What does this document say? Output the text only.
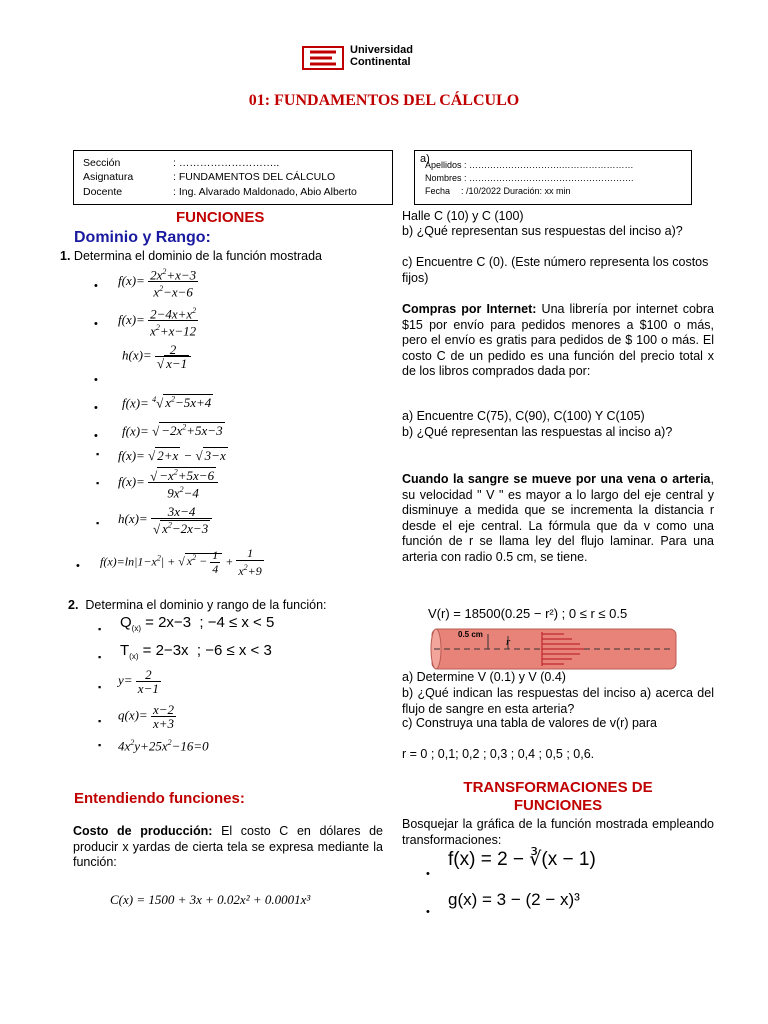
Universidad
Continental
01: FUNDAMENTOS DEL CÁLCULO
Sección	: ………………………..
Asignatura	: FUNDAMENTOS DEL CÁLCULO
Docente	: Ing. Alvarado Maldonado, Abio Alberto
a)
Apellidos : ………………………….……………………
Nombres : ……………………………………………….
Fecha : /10/2022 Duración: xx min
FUNCIONES
Dominio y Rango:
1. Determina el dominio de la función mostrada
• $f(x)= \frac{2x^2+x-3}{x^2-x-6}$
• $f(x)= \frac{2-4x+x^2}{x^2+x-12}$
$h(x)= \frac{2}{√ x-1}$
•
• f(x)= $^4$√ $x^2-5x+4$
• f(x)= √ $-2x^2+5x-3$
▪ f(x)= √ 2+x − √ 3−x
▪ $f(x)= \frac{√ -x^2+5x-6}{9x^2-4}$
▪ $h(x)= \frac{3x-4}{√ x^2-2x-3}$
• $f(x)=\ln|1-x^2|$ + √ $x^2 - \frac{1}{4} + \frac{1}{x^2+9}$
2. Determina el dominio y rango de la función:
▪ $Q_{(x)} = 2x-3$  ; −4 ≤ x < 5
▪ $T_{(x)} = 2-3x$  ; −6 ≤ x < 3
▪ $y= \frac{2}{x-1}$
▪ $q(x)= \frac{x-2}{x+3}$
▪ $4x^2y+25x^2-16=0$
Entendiendo funciones:
Costo de producción: El costo C en dólares de producir x yardas de cierta tela se expresa mediante la función:
C(x) = 1500 + 3x + 0.02x² + 0.0001x³
Halle C (10) y C (100)
b) ¿Qué representan sus respuestas del inciso a)?
c) Encuentre C (0). (Este número representa los costos fijos)
Compras por Internet: Una librería por internet cobra $15 por envío para pedidos menores a $100 o más, pero el envío es gratis para pedidos de $ 100 o más. El costo C de un pedido es una función del precio total x de los libros comprados dada por:
a) Encuentre C(75), C(90), C(100) Y C(105)
b) ¿Qué representan las respuestas al inciso a)?
Cuando la sangre se mueve por una vena o arteria, su velocidad " V " es mayor a lo largo del eje central y disminuye a medida que se incrementa la distancia r desde el eje central. La fórmula que da v como una función de r se llama ley del flujo laminar. Para una arteria con radio 0.5 cm, se tiene.
V(r) = 18500(0.25 − r²) ; 0 ≤ r ≤ 0.5
0.5 cm
r
a) Determine V (0.1) y V (0.4)
b) ¿Qué indican las respuestas del inciso a) acerca del flujo de sangre en esta arteria?
c) Construya una tabla de valores de v(r) para
r = 0 ; 0,1; 0,2 ; 0,3 ; 0,4 ; 0,5 ; 0,6.
TRANSFORMACIONES DE
FUNCIONES
Bosquejar la gráfica de la función mostrada empleando transformaciones:
•
f(x) = 2 − ∛(x − 1)
•
g(x) = 3 − (2 − x)³
